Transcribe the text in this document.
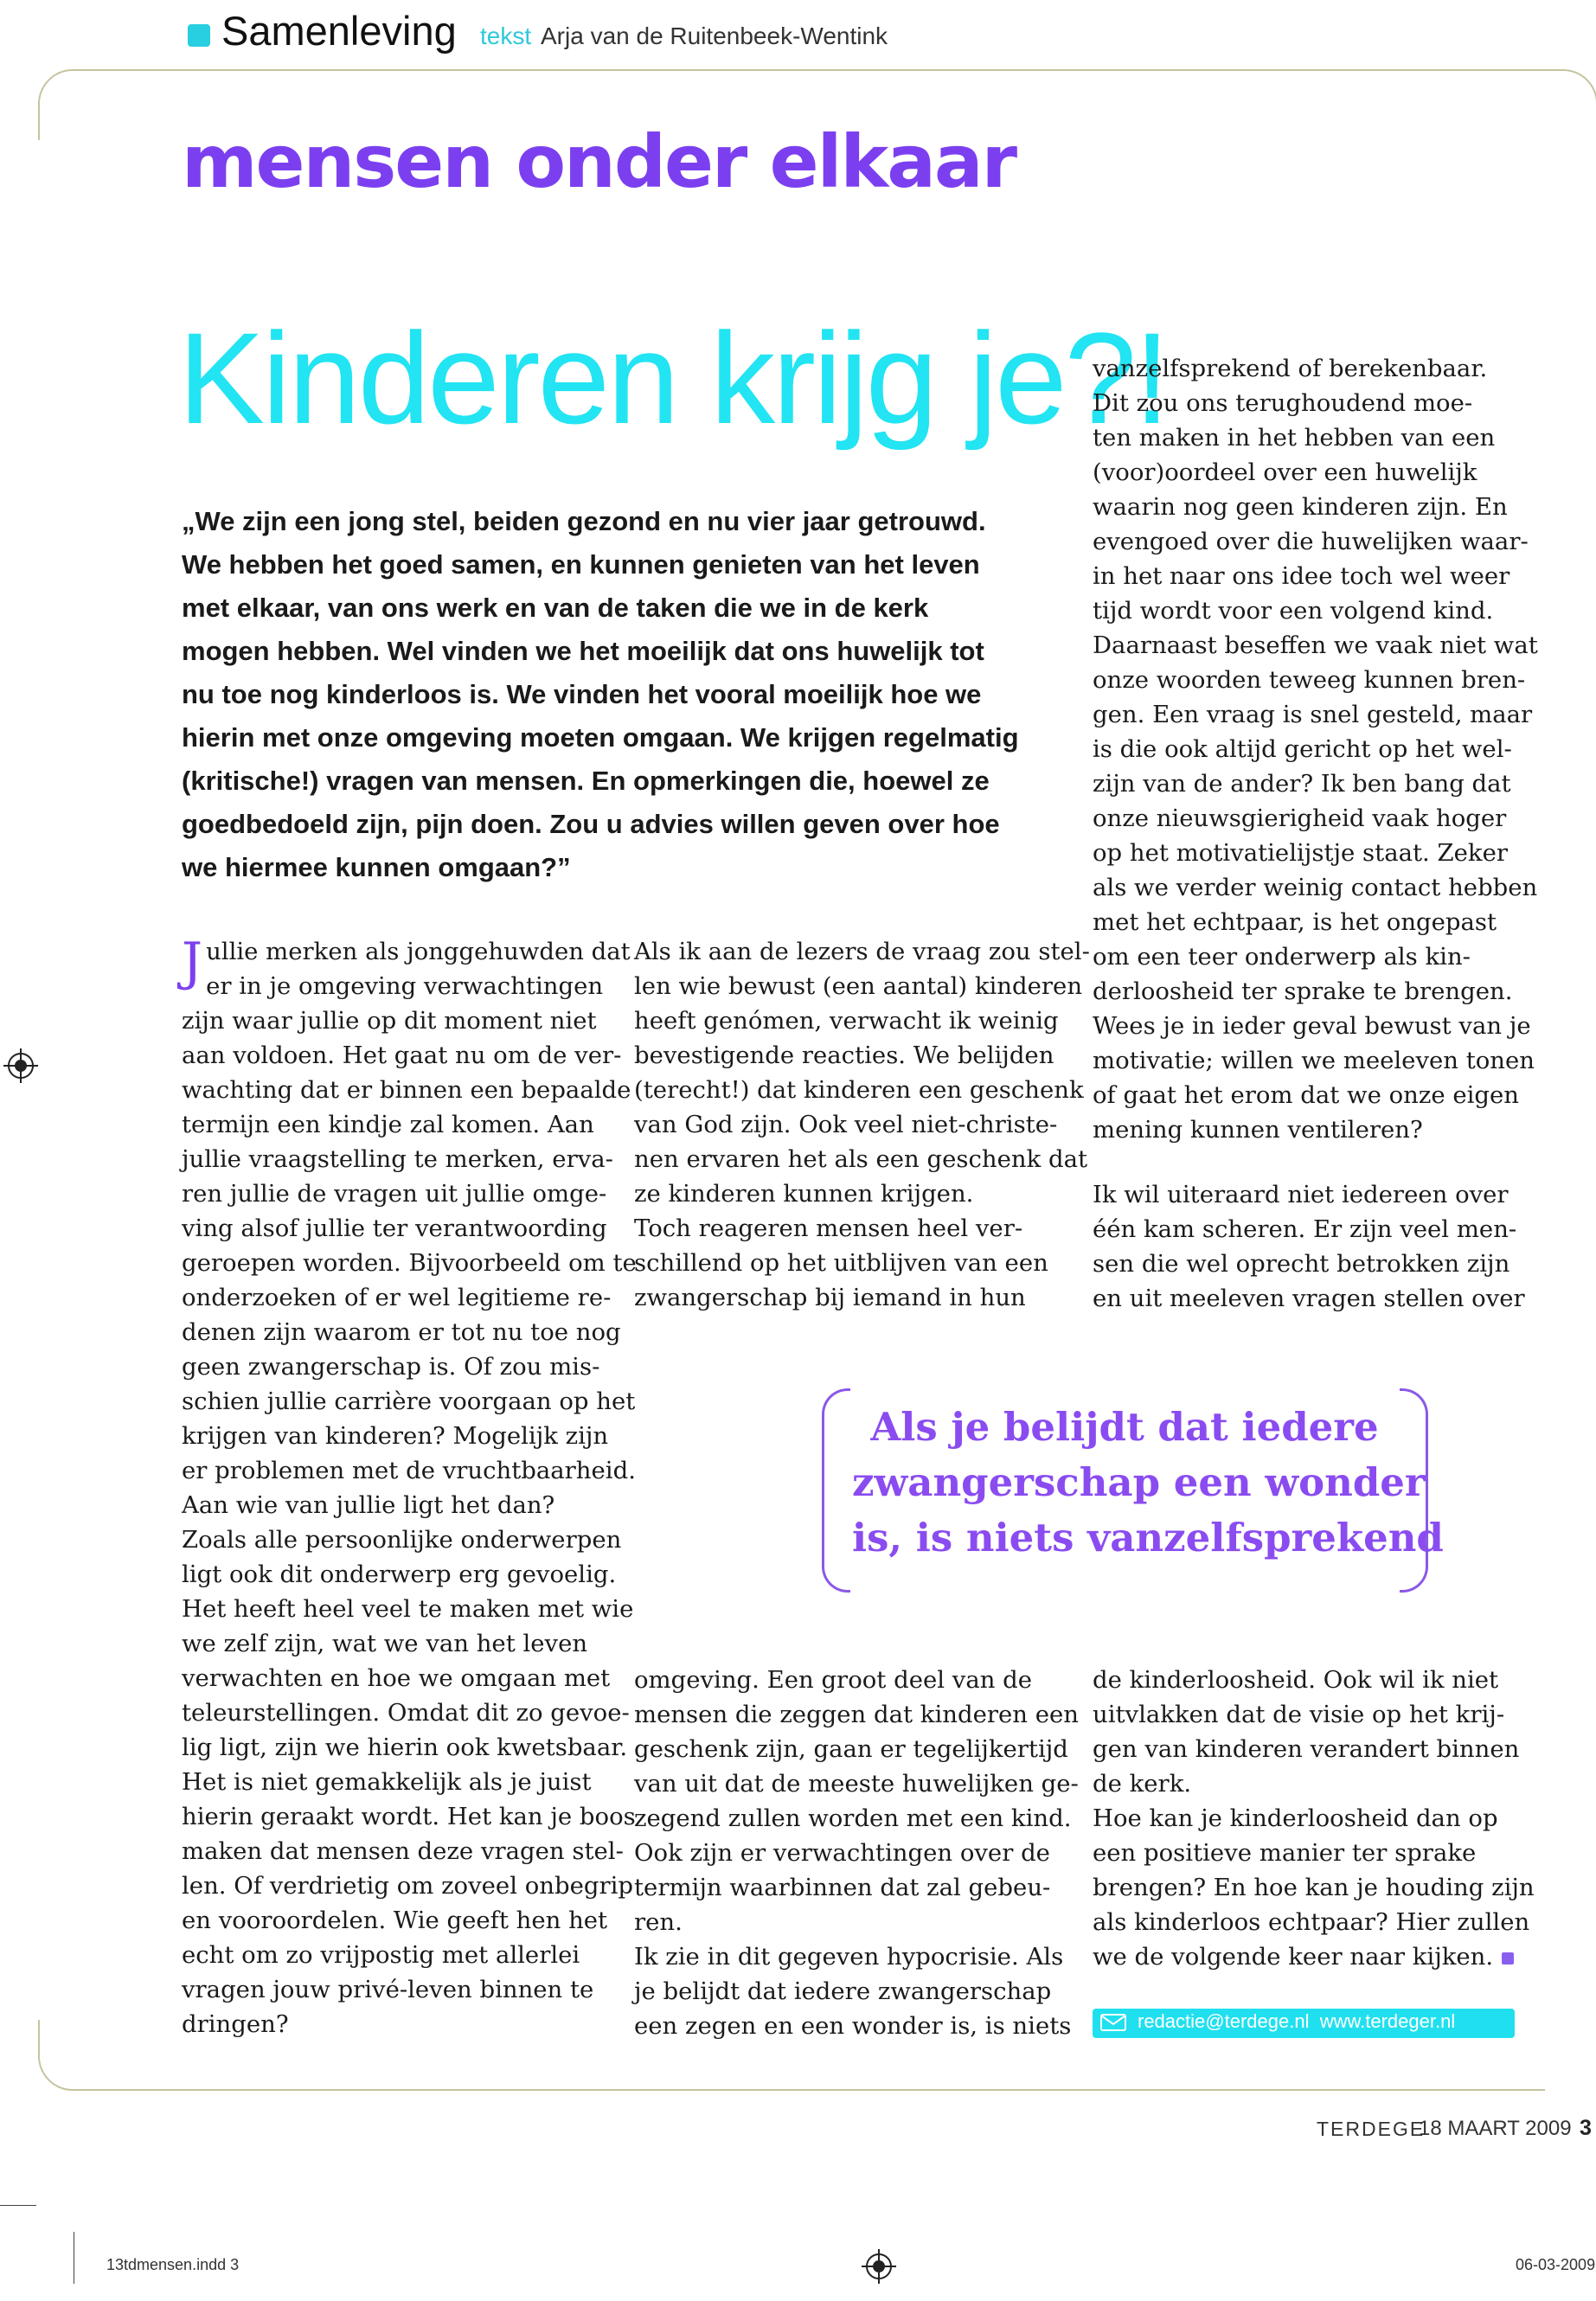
Samenleving tekst Arja van de Ruitenbeek-Wentink
mensen onder elkaar
Kinderen krijg je?!
„We zijn een jong stel, beiden gezond en nu vier jaar getrouwd.
We hebben het goed samen, en kunnen genieten van het leven
met elkaar, van ons werk en van de taken die we in de kerk
mogen hebben. Wel vinden we het moeilijk dat ons huwelijk tot
nu toe nog kinderloos is. We vinden het vooral moeilijk hoe we
hierin met onze omgeving moeten omgaan. We krijgen regelmatig
(kritische!) vragen van mensen. En opmerkingen die, hoewel ze
goedbedoeld zijn, pijn doen. Zou u advies willen geven over hoe
we hiermee kunnen omgaan?”
Jullie merken als jonggehuwden dat
er in je omgeving verwachtingen
zijn waar jullie op dit moment niet
aan voldoen. Het gaat nu om de ver-
wachting dat er binnen een bepaalde
termijn een kindje zal komen. Aan
jullie vraagstelling te merken, erva-
ren jullie de vragen uit jullie omge-
ving alsof jullie ter verantwoording
geroepen worden. Bijvoorbeeld om te
onderzoeken of er wel legitieme re-
denen zijn waarom er tot nu toe nog
geen zwangerschap is. Of zou mis-
schien jullie carrière voorgaan op het
krijgen van kinderen? Mogelijk zijn
er problemen met de vruchtbaarheid.
Aan wie van jullie ligt het dan?
Zoals alle persoonlijke onderwerpen
ligt ook dit onderwerp erg gevoelig.
Het heeft heel veel te maken met wie
we zelf zijn, wat we van het leven
verwachten en hoe we omgaan met
teleurstellingen. Omdat dit zo gevoe-
lig ligt, zijn we hierin ook kwetsbaar.
Het is niet gemakkelijk als je juist
hierin geraakt wordt. Het kan je boos
maken dat mensen deze vragen stel-
len. Of verdrietig om zoveel onbegrip
en vooroordelen. Wie geeft hen het
echt om zo vrijpostig met allerlei
vragen jouw privé-leven binnen te
dringen?
Als ik aan de lezers de vraag zou stel-
len wie bewust (een aantal) kinderen
heeft genómen, verwacht ik weinig
bevestigende reacties. We belijden
(terecht!) dat kinderen een geschenk
van God zijn. Ook veel niet-christe-
nen ervaren het als een geschenk dat
ze kinderen kunnen krijgen.
Toch reageren mensen heel ver-
schillend op het uitblijven van een
zwangerschap bij iemand in hun
vanzelfsprekend of berekenbaar.
Dit zou ons terughoudend moe-
ten maken in het hebben van een
(voor)oordeel over een huwelijk
waarin nog geen kinderen zijn. En
evengoed over die huwelijken waar-
in het naar ons idee toch wel weer
tijd wordt voor een volgend kind.
Daarnaast beseffen we vaak niet wat
onze woorden teweeg kunnen bren-
gen. Een vraag is snel gesteld, maar
is die ook altijd gericht op het wel-
zijn van de ander? Ik ben bang dat
onze nieuwsgierigheid vaak hoger
op het motivatielijstje staat. Zeker
als we verder weinig contact hebben
met het echtpaar, is het ongepast
om een teer onderwerp als kin-
derloosheid ter sprake te brengen.
Wees je in ieder geval bewust van je
motivatie; willen we meeleven tonen
of gaat het erom dat we onze eigen
mening kunnen ventileren?
Ik wil uiteraard niet iedereen over
één kam scheren. Er zijn veel men-
sen die wel oprecht betrokken zijn
en uit meeleven vragen stellen over
Als je belijdt dat iedere
zwangerschap een wonder
is, is niets vanzelfsprekend
omgeving. Een groot deel van de
mensen die zeggen dat kinderen een
geschenk zijn, gaan er tegelijkertijd
van uit dat de meeste huwelijken ge-
zegend zullen worden met een kind.
Ook zijn er verwachtingen over de
termijn waarbinnen dat zal gebeu-
ren.
Ik zie in dit gegeven hypocrisie. Als
je belijdt dat iedere zwangerschap
een zegen en een wonder is, is niets
de kinderloosheid. Ook wil ik niet
uitvlakken dat de visie op het krij-
gen van kinderen verandert binnen
de kerk.
Hoe kan je kinderloosheid dan op
een positieve manier ter sprake
brengen? En hoe kan je houding zijn
als kinderloos echtpaar? Hier zullen
we de volgende keer naar kijken.
redactie@terdege.nl www.terdeger.nl
TERDEGE
18 MAART 2009 3
13tdmensen.indd 3	06-03-2009
